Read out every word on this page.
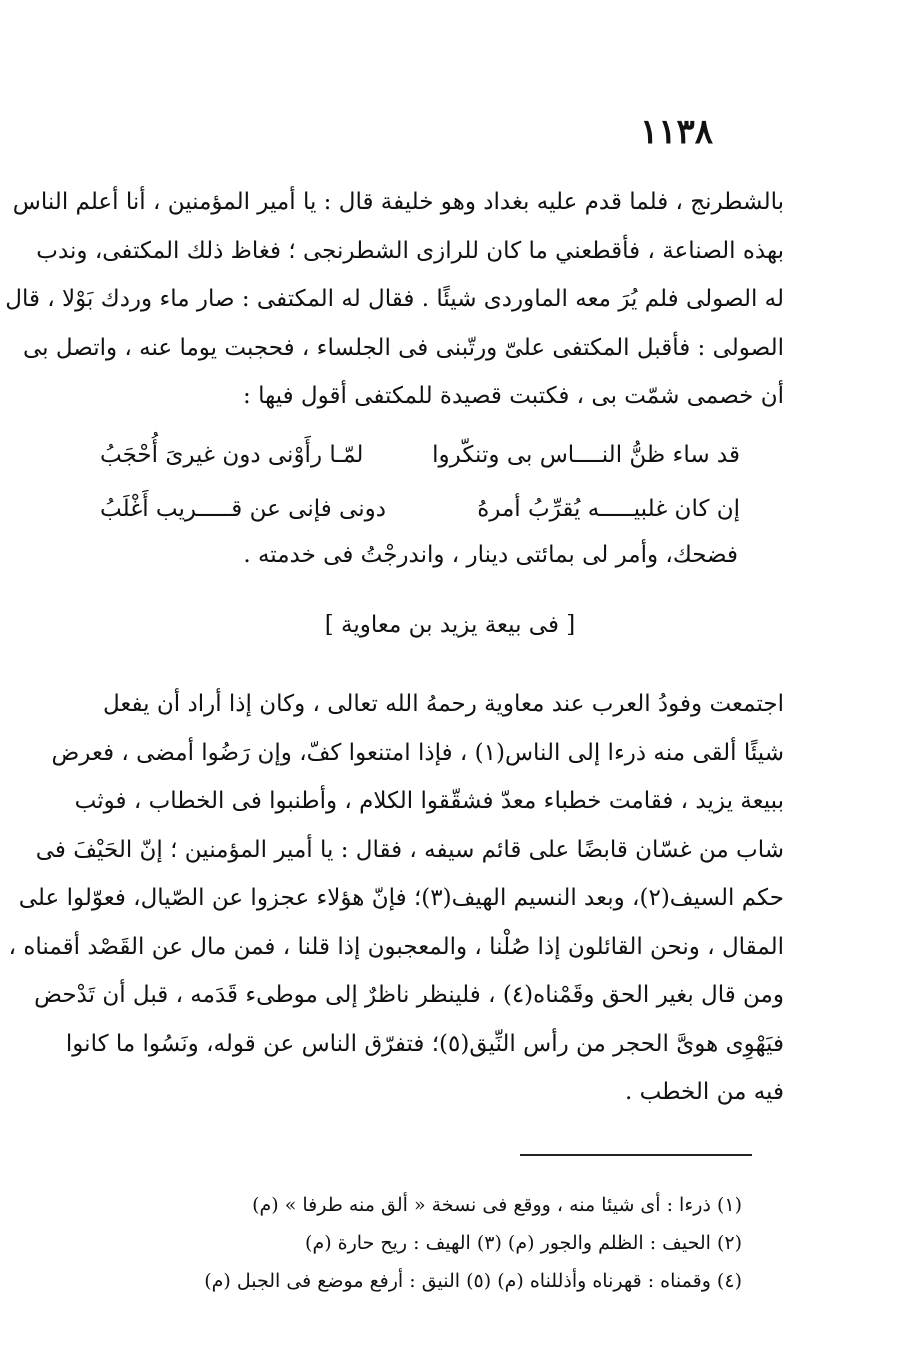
١١٣٨
بالشطرنج ، فلما قدم عليه بغداد وهو خليفة قال : يا أمير المؤمنين ، أنا أعلم الناس
بهذه الصناعة ، فأقطعني ما كان للرازى الشطرنجى ؛ فغاظ ذلك المكتفى، وندب
له الصولى فلم يُرَ معه الماوردى شيئًا . فقال له المكتفى : صار ماء وردك بَوْلا ، قال
الصولى : فأقبل المكتفى علىّ ورتّبنى فى الجلساء ، فحجبت يوما عنه ، واتصل بى
أن خصمى شمّت بى ، فكتبت قصيدة للمكتفى أقول فيها :
قد ساء ظنُّ النــــاس بى وتنكّروا
لمّـا رأَوْنى دون غيرىَ أُحْجَبُ
إن كان غلبيـــــه يُقرِّبُ أمرهُ
دونى فإنى عن قـــــريب أَغْلَبُ
فضحك، وأمر لى بمائتى دينار ، واندرجْتُ فى خدمته .
[ فى بيعة يزيد بن معاوية ]
اجتمعت وفودُ العرب عند معاوية رحمهُ الله تعالى ، وكان إذا أراد أن يفعل
شيئًا ألقى منه ذرءا إلى الناس(١) ، فإذا امتنعوا كفّ، وإن رَضُوا أمضى ، فعرض
ببيعة يزيد ، فقامت خطباء معدّ فشقّقوا الكلام ، وأطنبوا فى الخطاب ، فوثب
شاب من غسّان قابضًا على قائم سيفه ، فقال : يا أمير المؤمنين ؛ إنّ الحَيْفَ فى
حكم السيف(٢)، وبعد النسيم الهيف(٣)؛ فإنّ هؤلاء عجزوا عن الصّيال، فعوّلوا على
المقال ، ونحن القائلون إذا صُلْنا ، والمعجبون إذا قلنا ، فمن مال عن القَصْد أقمناه ،
ومن قال بغير الحق وقَمْناه(٤) ، فلينظر ناظرٌ إلى موطىء قَدَمه ، قبل أن تَدْحض
فيَهْوِى هوىَّ الحجر من رأس النِّيق(٥)؛ فتفرّق الناس عن قوله، ونَسُوا ما كانوا
فيه من الخطب .
(١) ذرءا : أى شيئا منه ، ووقع فى نسخة « ألق منه طرفا » (م)
(٢) الحيف : الظلم والجور (م) (٣) الهيف : ريح حارة (م)
(٤) وقمناه : قهرناه وأذللناه (م) (٥) النيق : أرفع موضع فى الجبل (م)
